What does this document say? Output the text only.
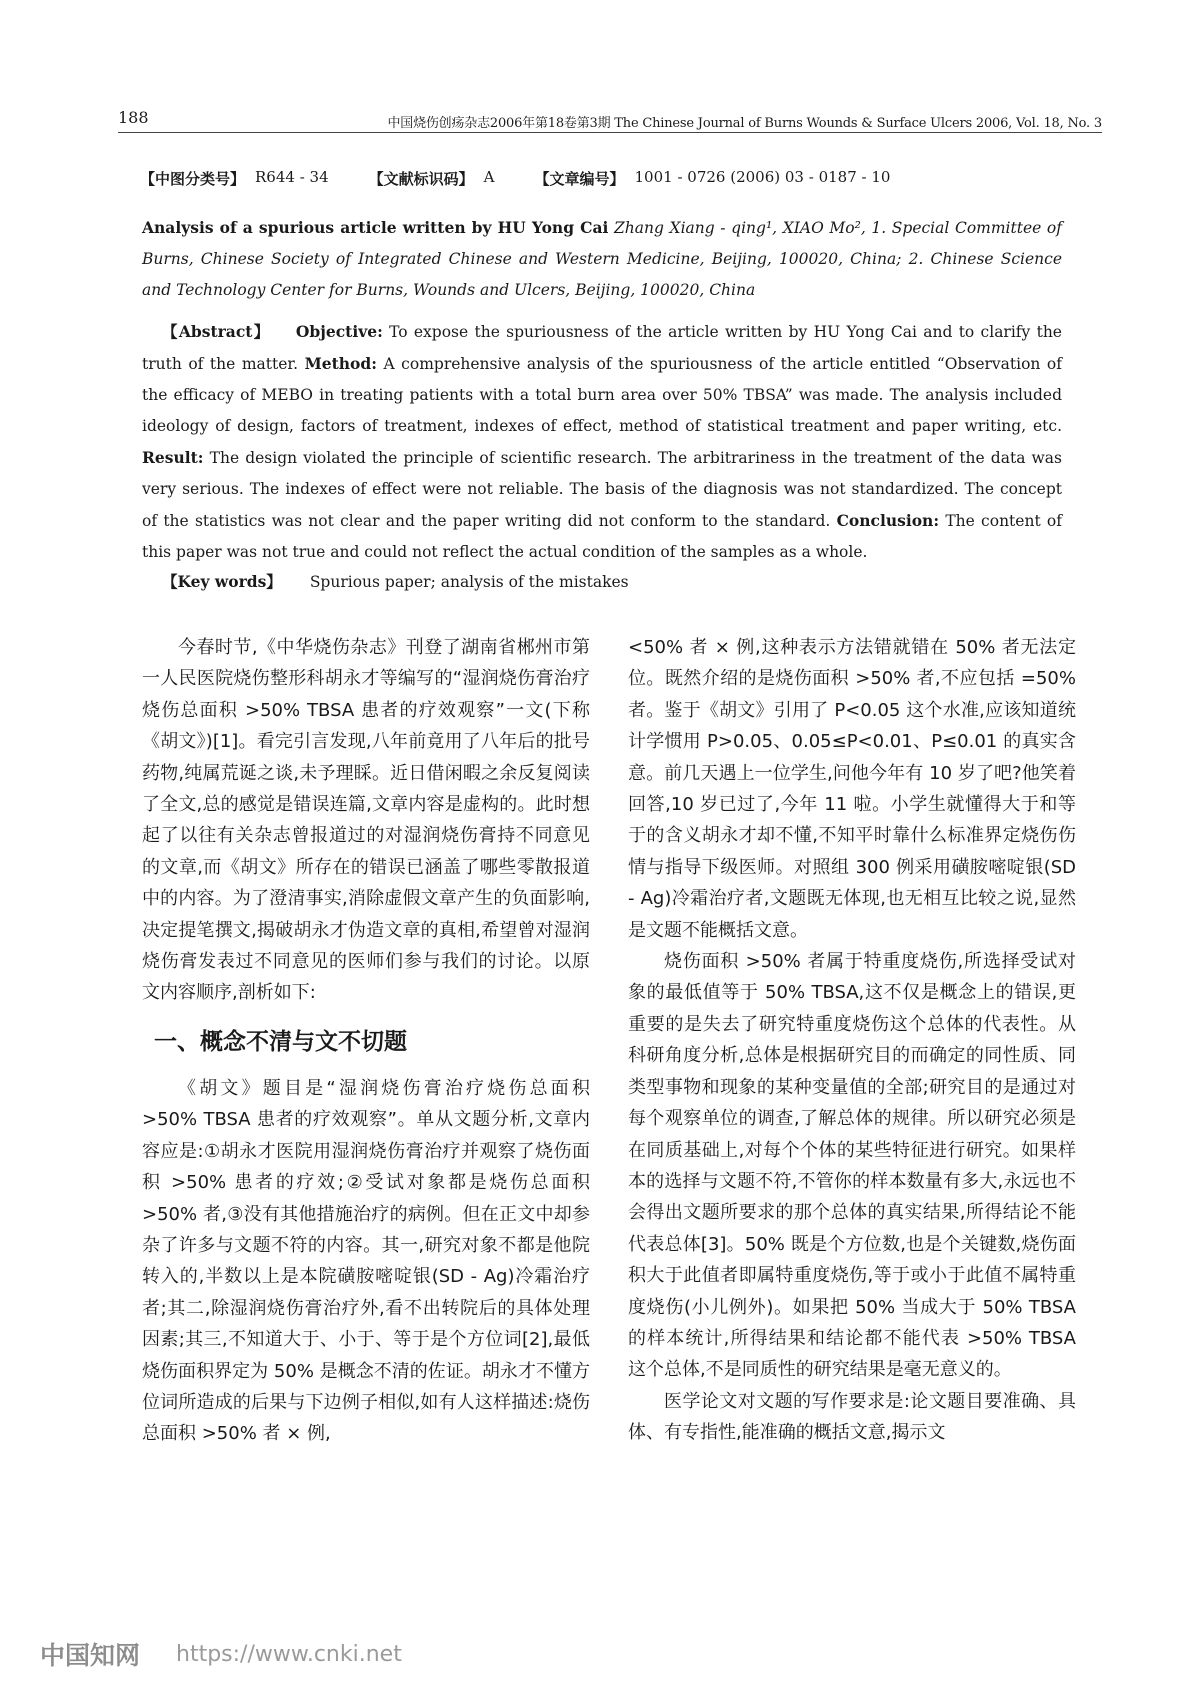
188	中国烧伤创疡杂志2006年第18卷第3期 The Chinese Journal of Burns Wounds & Surface Ulcers 2006, Vol. 18, No. 3
【中图分类号】 R644 - 34	【文献标识码】 A	【文章编号】 1001 - 0726 (2006) 03 - 0187 - 10
Analysis of a spurious article written by HU Yong Cai Zhang Xiang - qing¹, XIAO Mo², 1. Special Committee of Burns, Chinese Society of Integrated Chinese and Western Medicine, Beijing, 100020, China; 2. Chinese Science and Technology Center for Burns, Wounds and Ulcers, Beijing, 100020, China
【Abstract】 Objective: To expose the spuriousness of the article written by HU Yong Cai and to clarify the truth of the matter. Method: A comprehensive analysis of the spuriousness of the article entitled “Observation of the efficacy of MEBO in treating patients with a total burn area over 50% TBSA” was made. The analysis included ideology of design, factors of treatment, indexes of effect, method of statistical treatment and paper writing, etc. Result: The design violated the principle of scientific research. The arbitrariness in the treatment of the data was very serious. The indexes of effect were not reliable. The basis of the diagnosis was not standardized. The concept of the statistics was not clear and the paper writing did not conform to the standard. Conclusion: The content of this paper was not true and could not reflect the actual condition of the samples as a whole.
【Key words】 Spurious paper; analysis of the mistakes

今春时节,《中华烧伤杂志》刊登了湖南省郴州市第一人民医院烧伤整形科胡永才等编写的“湿润烧伤膏治疗烧伤总面积 >50% TBSA 患者的疗效观察”一文(下称《胡文》)[1]。看完引言发现,八年前竟用了八年后的批号药物,纯属荒诞之谈,未予理睬。近日借闲暇之余反复阅读了全文,总的感觉是错误连篇,文章内容是虚构的。此时想起了以往有关杂志曾报道过的对湿润烧伤膏持不同意见的文章,而《胡文》所存在的错误已涵盖了哪些零散报道中的内容。为了澄清事实,消除虚假文章产生的负面影响,决定提笔撰文,揭破胡永才伪造文章的真相,希望曾对湿润烧伤膏发表过不同意见的医师们参与我们的讨论。以原文内容顺序,剖析如下:

一、概念不清与文不切题

《胡文》题目是“湿润烧伤膏治疗烧伤总面积 >50% TBSA 患者的疗效观察”。单从文题分析,文章内容应是:①胡永才医院用湿润烧伤膏治疗并观察了烧伤面积 >50% 患者的疗效;②受试对象都是烧伤总面积 >50% 者,③没有其他措施治疗的病例。但在正文中却参杂了许多与文题不符的内容。其一,研究对象不都是他院转入的,半数以上是本院磺胺嘧啶银(SD - Ag)冷霜治疗者;其二,除湿润烧伤膏治疗外,看不出转院后的具体处理因素;其三,不知道大于、小于、等于是个方位词[2],最低烧伤面积界定为 50% 是概念不清的佐证。胡永才不懂方位词所造成的后果与下边例子相似,如有人这样描述:烧伤总面积 >50% 者 × 例,

<50% 者 × 例,这种表示方法错就错在 50% 者无法定位。既然介绍的是烧伤面积 >50% 者,不应包括 =50% 者。鉴于《胡文》引用了 P<0.05 这个水准,应该知道统计学惯用 P>0.05、0.05≤P<0.01、P≤0.01 的真实含意。前几天遇上一位学生,问他今年有 10 岁了吧?他笑着回答,10 岁已过了,今年 11 啦。小学生就懂得大于和等于的含义胡永才却不懂,不知平时靠什么标准界定烧伤伤情与指导下级医师。对照组 300 例采用磺胺嘧啶银(SD - Ag)冷霜治疗者,文题既无体现,也无相互比较之说,显然是文题不能概括文意。

烧伤面积 >50% 者属于特重度烧伤,所选择受试对象的最低值等于 50% TBSA,这不仅是概念上的错误,更重要的是失去了研究特重度烧伤这个总体的代表性。从科研角度分析,总体是根据研究目的而确定的同性质、同类型事物和现象的某种变量值的全部;研究目的是通过对每个观察单位的调查,了解总体的规律。所以研究必须是在同质基础上,对每个个体的某些特征进行研究。如果样本的选择与文题不符,不管你的样本数量有多大,永远也不会得出文题所要求的那个总体的真实结果,所得结论不能代表总体[3]。50% 既是个方位数,也是个关键数,烧伤面积大于此值者即属特重度烧伤,等于或小于此值不属特重度烧伤(小儿例外)。如果把 50% 当成大于 50% TBSA 的样本统计,所得结果和结论都不能代表 >50% TBSA 这个总体,不是同质性的研究结果是毫无意义的。

医学论文对文题的写作要求是:论文题目要准确、具体、有专指性,能准确的概括文意,揭示文

中国知网 https://www.cnki.net
